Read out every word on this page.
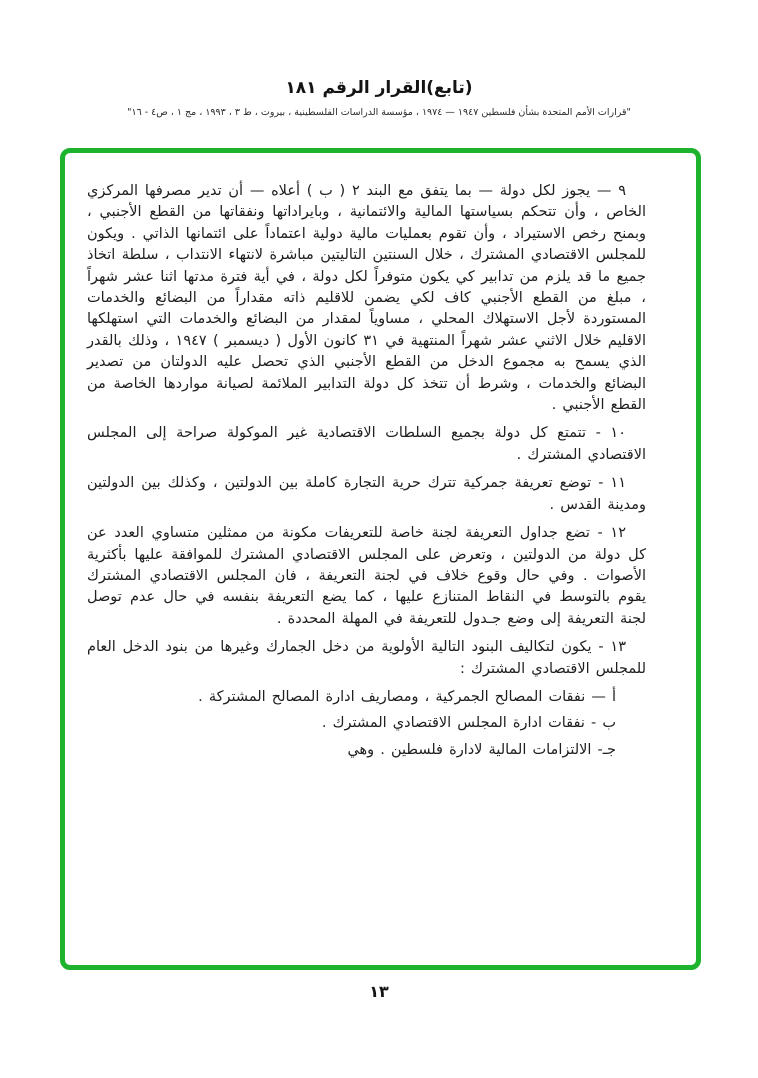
(تابع)القرار الرقم ١٨١
"قرارات الأمم المتحدة بشأن فلسطين ١٩٤٧ — ١٩٧٤ ، مؤسسة الدراسات الفلسطينية ، بيروت ، ط ٣ ، ١٩٩٣ ، مج ١ ، ص٤ - ١٦"

٩ — يجوز لكل دولة — بما يتفق مع البند ٢ ( ب ) أعلاه — أن تدير مصرفها المركزي الخاص ، وأن تتحكم بسياستها المالية والائتمانية ، وبايراداتها ونفقاتها من القطع الأجنبي ، وبمنح رخص الاستيراد ، وأن تقوم بعمليات مالية دولية اعتماداً على ائتمانها الذاتي . ويكون للمجلس الاقتصادي المشترك ، خلال السنتين التاليتين مباشرة لانتهاء الانتداب ، سلطة اتخاذ جميع ما قد يلزم من تدابير كي يكون متوفراً لكل دولة ، في أية فترة مدتها اثنا عشر شهراً ، مبلغ من القطع الأجنبي كاف لكي يضمن للاقليم ذاته مقداراً من البضائع والخدمات المستوردة لأجل الاستهلاك المحلي ، مساوياً لمقدار من البضائع والخدمات التي استهلكها الاقليم خلال الاثني عشر شهراً المنتهية في ٣١ كانون الأول ( ديسمبر ) ١٩٤٧ ، وذلك بالقدر الذي يسمح به مجموع الدخل من القطع الأجنبي الذي تحصل عليه الدولتان من تصدير البضائع والخدمات ، وشرط أن تتخذ كل دولة التدابير الملائمة لصيانة مواردها الخاصة من القطع الأجنبي .

١٠ - تتمتع كل دولة بجميع السلطات الاقتصادية غير الموكولة صراحة إلى المجلس الاقتصادي المشترك .

١١ - توضع تعريفة جمركية تترك حرية التجارة كاملة بين الدولتين ، وكذلك بين الدولتين ومدينة القدس .

١٢ - تضع جداول التعريفة لجنة خاصة للتعريفات مكونة من ممثلين متساوي العدد عن كل دولة من الدولتين ، وتعرض على المجلس الاقتصادي المشترك للموافقة عليها بأكثرية الأصوات . وفي حال وقوع خلاف في لجنة التعريفة ، فان المجلس الاقتصادي المشترك يقوم بالتوسط في النقاط المتنازع عليها ، كما يضع التعريفة بنفسه في حال عدم توصل لجنة التعريفة إلى وضع جـدول للتعريفة في المهلة المحددة .

١٣ - يكون لتكاليف البنود التالية الأولوية من دخل الجمارك وغيرها من بنود الدخل العام للمجلس الاقتصادي المشترك :

أ — نفقات المصالح الجمركية ، ومصاريف ادارة المصالح المشتركة .

ب - نفقات ادارة المجلس الاقتصادي المشترك .

جـ- الالتزامات المالية لادارة فلسطين . وهي

١٣
